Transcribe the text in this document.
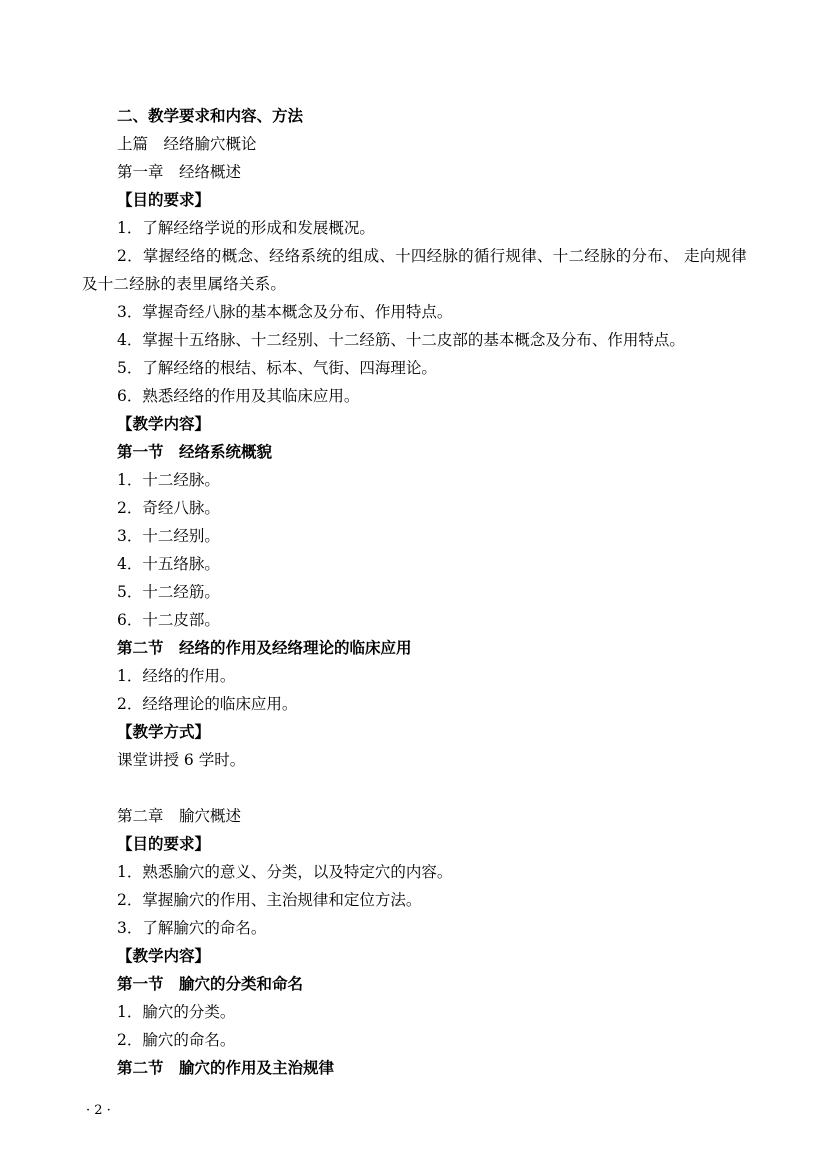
二、教学要求和内容、方法
上篇　经络腧穴概论
第一章　经络概述
【目的要求】
1．了解经络学说的形成和发展概况。
2．掌握经络的概念、经络系统的组成、十四经脉的循行规律、十二经脉的分布、 走向规律及十二经脉的表里属络关系。
3．掌握奇经八脉的基本概念及分布、作用特点。
4．掌握十五络脉、十二经别、十二经筋、十二皮部的基本概念及分布、作用特点。
5．了解经络的根结、标本、气街、四海理论。
6．熟悉经络的作用及其临床应用。
【教学内容】
第一节　经络系统概貌
1．十二经脉。
2．奇经八脉。
3．十二经别。
4．十五络脉。
5．十二经筋。
6．十二皮部。
第二节　经络的作用及经络理论的临床应用
1．经络的作用。
2．经络理论的临床应用。
【教学方式】
课堂讲授 6 学时。
第二章　腧穴概述
【目的要求】
1．熟悉腧穴的意义、分类，以及特定穴的内容。
2．掌握腧穴的作用、主治规律和定位方法。
3．了解腧穴的命名。
【教学内容】
第一节　腧穴的分类和命名
1．腧穴的分类。
2．腧穴的命名。
第二节　腧穴的作用及主治规律
· 2 ·
